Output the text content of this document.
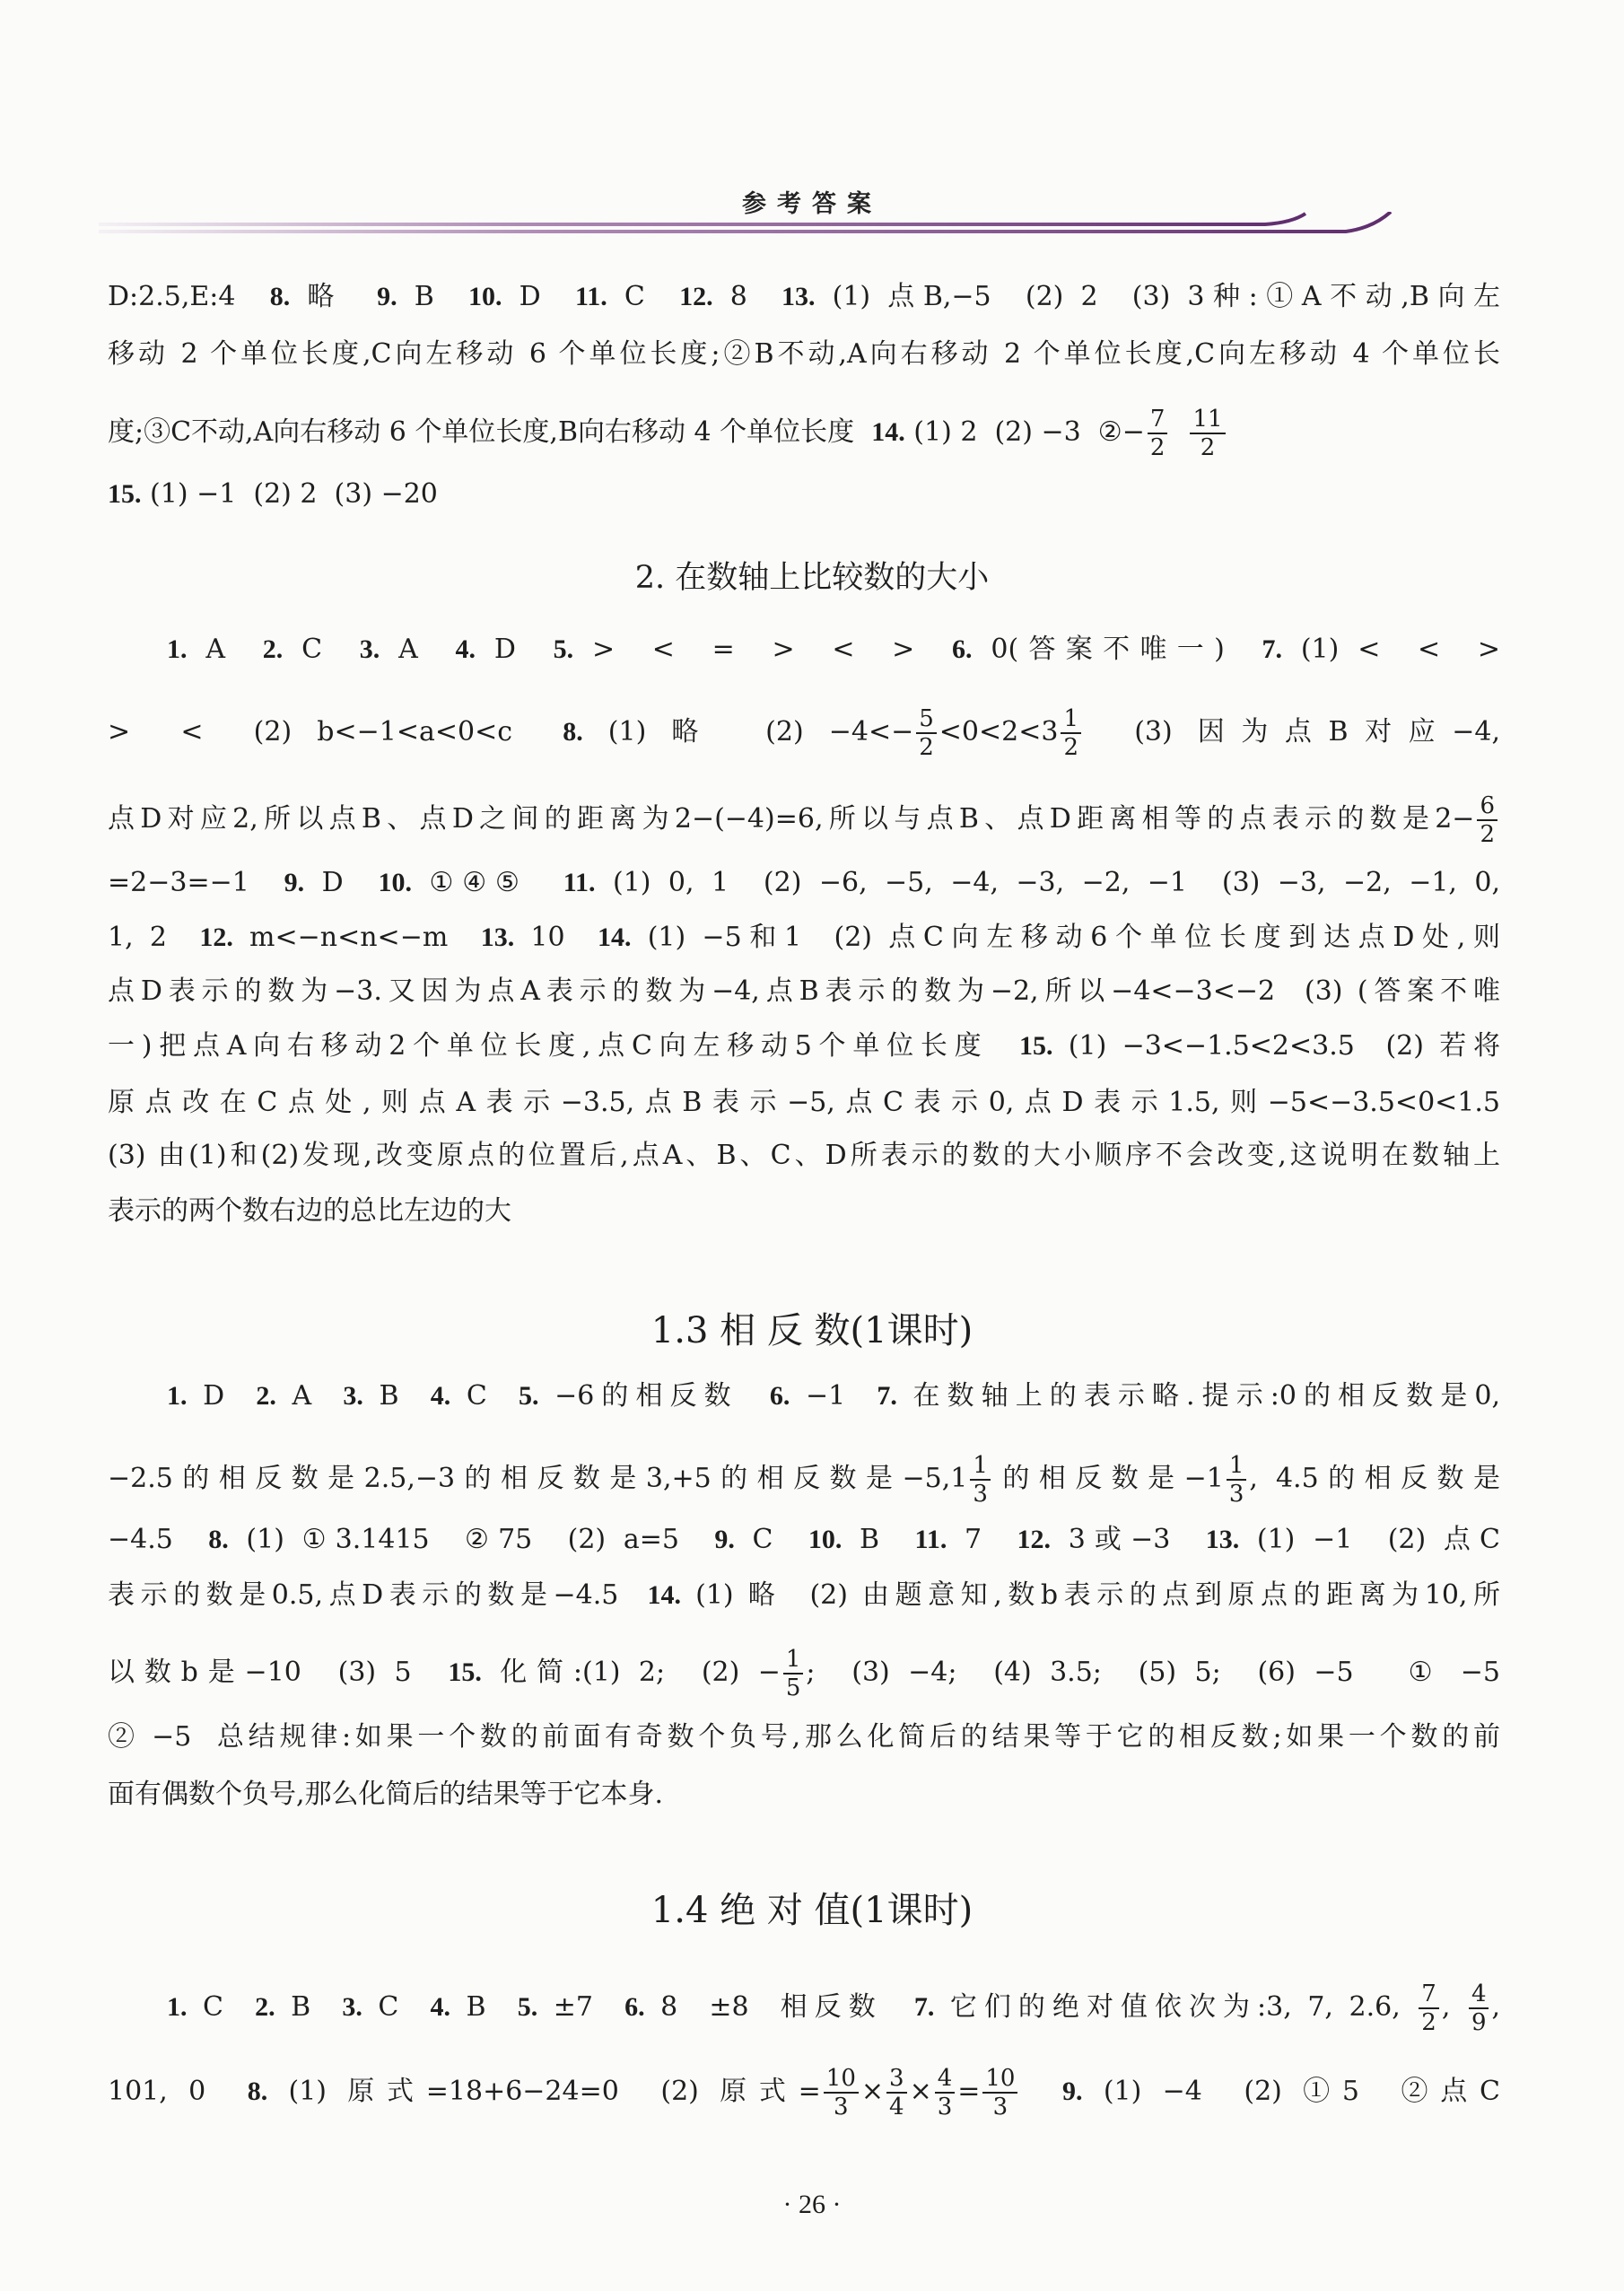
参考答案
D:2.5,E:4  8. 略  9. B  10. D  11. C  12. 8  13. (1) 点B,−5  (2) 2  (3) 3种:①A不动,B向左
移动 2 个单位长度,C向左移动 6 个单位长度;②B不动,A向右移动 2 个单位长度,C向左移动 4 个单位长
度;③C不动,A向右移动 6 个单位长度,B向右移动 4 个单位长度  14. (1) 2  (2) −3  ②− $\frac{7}{2}$
$\frac{11}{2}$
15. (1) −1  (2) 2  (3) −20
2. 在数轴上比较数的大小
1. A  2. C  3. A  4. D  5. >  <  =  >  <  >  6. 0(答案不唯一)  7. (1) <  <  >
>  <  (2) b<−1<a<0<c  8. (1) 略  $(2) -4<- \frac{5}{2} <0<2<3 \frac{1}{2} (3)$ 因为点B对应−4,
点D对应2,所以点B、点D之间的距离为2−(−4)=6,所以与点B、点D距离相等的点表示的数是$2- \frac{6}{2}$
=2−3=−1  9. D  10. ①④⑤  11. (1) 0, 1  (2) −6, −5, −4, −3, −2, −1  (3) −3, −2, −1, 0,
1, 2  12. m<−n<n<−m  13. 10  14. (1) −5和1  (2) 点C向左移动6个单位长度到达点D处,则
点D表示的数为−3.又因为点A表示的数为−4,点B表示的数为−2,所以−4<−3<−2  (3) (答案不唯
一)把点A向右移动2个单位长度,点C向左移动5个单位长度  15. (1) −3<−1.5<2<3.5  (2) 若将
原点改在C点处,则点A表示−3.5,点B表示−5,点C表示0,点D表示1.5,则−5<−3.5<0<1.5
(3) 由(1)和(2)发现,改变原点的位置后,点A、B、C、D所表示的数的大小顺序不会改变,这说明在数轴上
表示的两个数右边的总比左边的大
1.3 相 反 数(1课时)
1. D  2. A  3. B  4. C  5. −6的相反数  6. −1  7. 在数轴上的表示略.提示:0的相反数是0,
−2.5的相反数是2.5,−3的相反数是3,+5的相反数是$-5,1 \frac{1}{3}$ 的相反数是$-1 \frac{1}{3}$ , 4.5的相反数是
−4.5  8. (1) ①3.1415  ②75  (2) a=5  9. C  10. B  11. 7  12. 3或−3  13. (1) −1  (2) 点C
表示的数是0.5,点D表示的数是−4.5  14. (1) 略  (2) 由题意知,数b表示的点到原点的距离为10,所
以数b是−10  (3) 5  15. 化简:(1) 2;  $(2) - \frac{1}{5}$ ;  (3) −4;  (4) 3.5;  (5) 5;  (6) −5   ① −5
② −5  总结规律:如果一个数的前面有奇数个负号,那么化简后的结果等于它的相反数;如果一个数的前
面有偶数个负号,那么化简后的结果等于它本身.
1.4 绝 对 值(1课时)
1. C  2. B  3. C  4. B  5. ±7  6. 8  ±8  相反数  7. 它们的绝对值依次为:3, 7, 2.6, $\frac{7}{2}$ , $\frac{4}{9}$ ,
101, 0  8. (1) 原式=18+6−24=0  (2) 原式= $\frac{10}{3} \times \frac{3}{4} \times \frac{4}{3} = \frac{10}{3} 9$. (1) −4  (2) ①5  ②点C
· 26 ·
